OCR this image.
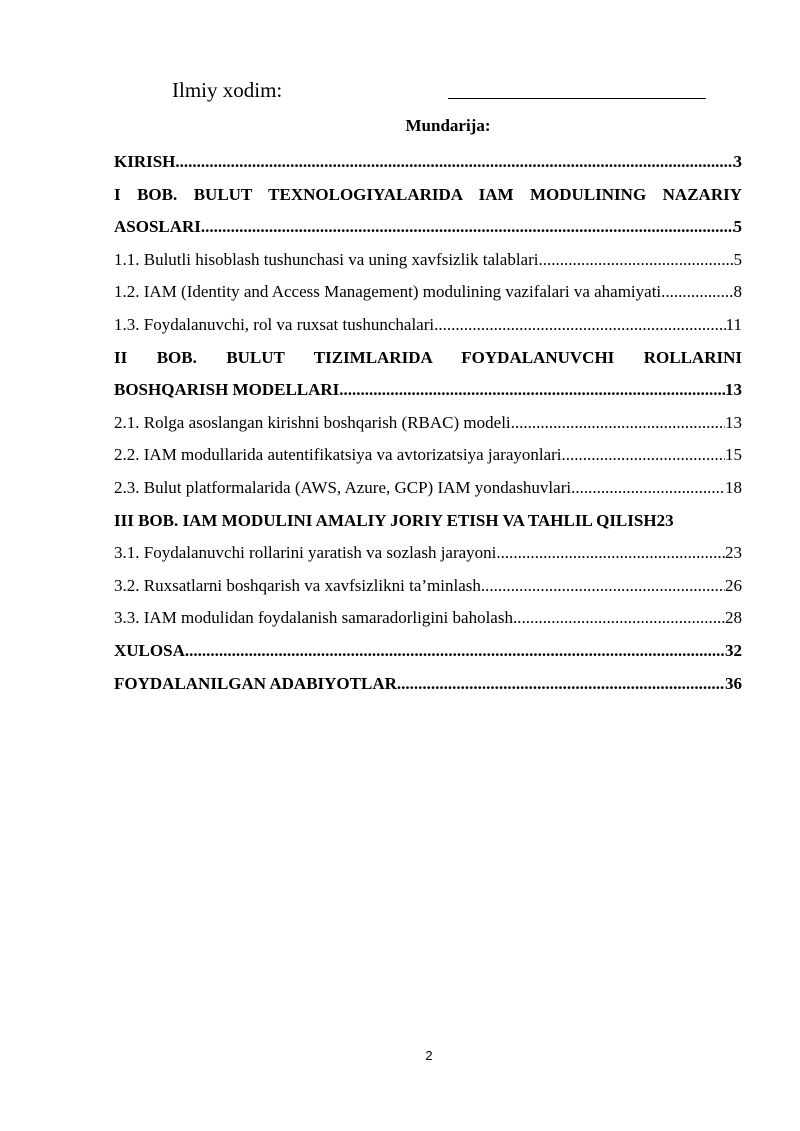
Ilmiy xodim:
Mundarija:
KIRISH .....	3
I BOB. BULUT TEXNOLOGIYALARIDA IAM MODULINING NAZARIY
ASOSLARI .....	5
1.1. Bulutli hisoblash tushunchasi va uning xavfsizlik talablari .....	5
1.2. IAM (Identity and Access Management) modulining vazifalari va ahamiyati. .....	8
1.3. Foydalanuvchi, rol va ruxsat tushunchalari .....	11
II BOB. BULUT TIZIMLARIDA FOYDALANUVCHI ROLLARINI
BOSHQARISH MODELLARI .....	13
2.1. Rolga asoslangan kirishni boshqarish (RBAC) modeli .....	13
2.2. IAM modullarida autentifikatsiya va avtorizatsiya jarayonlari .....	15
2.3. Bulut platformalarida (AWS, Azure, GCP) IAM yondashuvlari .....	18
III BOB. IAM MODULINI AMALIY JORIY ETISH VA TAHLIL QILISH 23
3.1. Foydalanuvchi rollarini yaratish va sozlash jarayoni .....	23
3.2. Ruxsatlarni boshqarish va xavfsizlikni ta’minlash .....	26
3.3. IAM modulidan foydalanish samaradorligini baholash .....	28
XULOSA .....	32
FOYDALANILGAN ADABIYOTLAR .....	36
2
